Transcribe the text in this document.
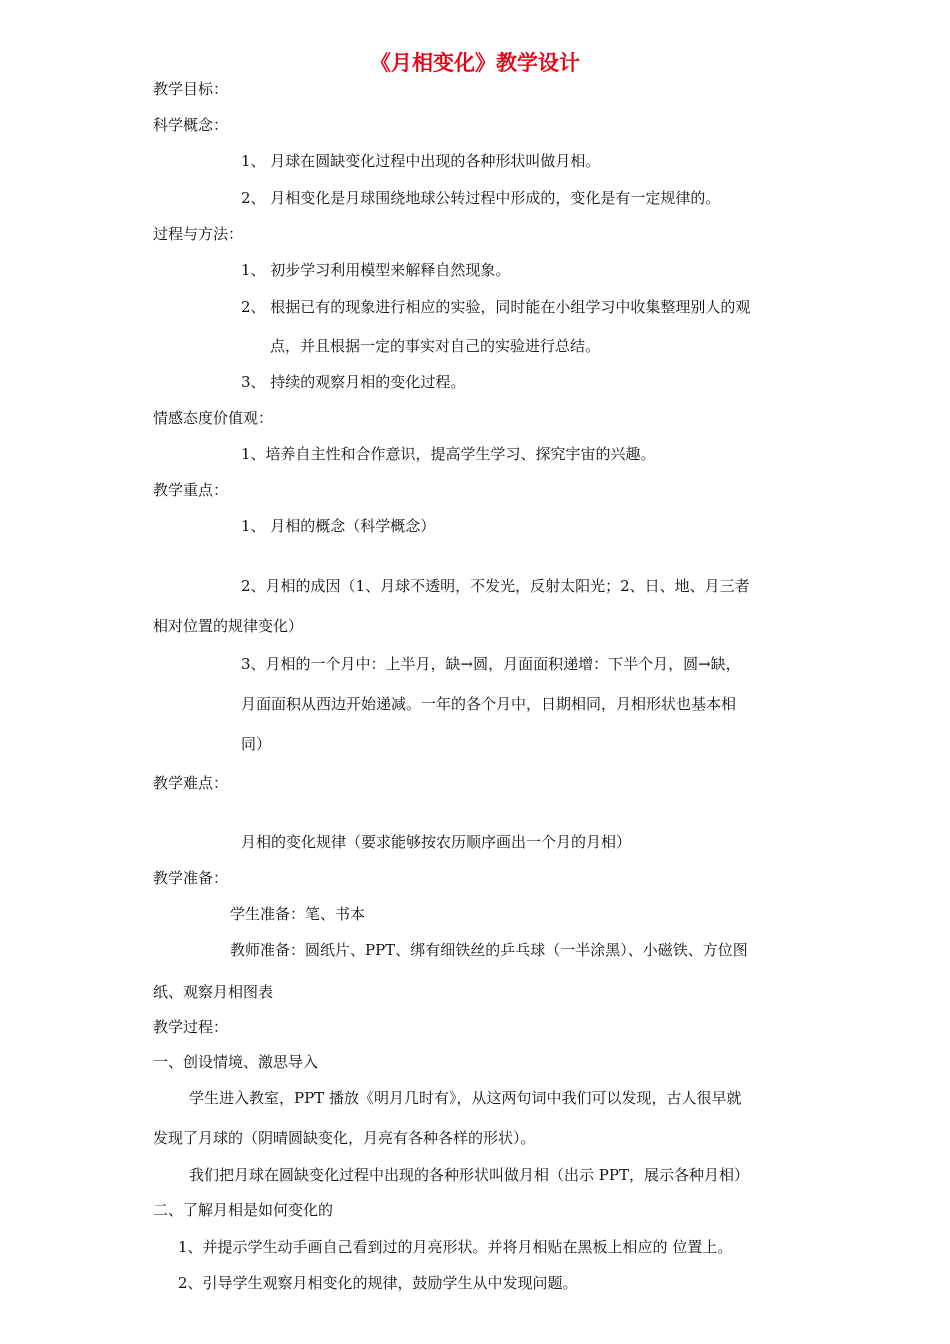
《月相变化》教学设计

教学目标：

科学概念：

1、 月球在圆缺变化过程中出现的各种形状叫做月相。

2、 月相变化是月球围绕地球公转过程中形成的，变化是有一定规律的。

过程与方法：

1、 初步学习利用模型来解释自然现象。

2、 根据已有的现象进行相应的实验，同时能在小组学习中收集整理别人的观

点，并且根据一定的事实对自己的实验进行总结。

3、 持续的观察月相的变化过程。

情感态度价值观：

1、培养自主性和合作意识，提高学生学习、探究宇宙的兴趣。

教学重点：

1、 月相的概念（科学概念）

2、月相的成因（1、月球不透明，不发光，反射太阳光；2、日、地、月三者

相对位置的规律变化）

3、月相的一个月中：上半月，缺→圆，月面面积递增：下半个月，圆→缺，

月面面积从西边开始递减。一年的各个月中，日期相同，月相形状也基本相

同）

教学难点：

月相的变化规律（要求能够按农历顺序画出一个月的月相）

教学准备：

学生准备：笔、书本

教师准备：圆纸片、PPT、绑有细铁丝的乒乓球（一半涂黑）、小磁铁、方位图

纸、观察月相图表

教学过程：

一、创设情境、激思导入

学生进入教室，PPT 播放《明月几时有》，从这两句词中我们可以发现，古人很早就

发现了月球的（阴晴圆缺变化，月亮有各种各样的形状）。

我们把月球在圆缺变化过程中出现的各种形状叫做月相（出示 PPT，展示各种月相）

二、了解月相是如何变化的

1、并提示学生动手画自己看到过的月亮形状。并将月相贴在黑板上相应的 位置上。

2、引导学生观察月相变化的规律，鼓励学生从中发现问题。
